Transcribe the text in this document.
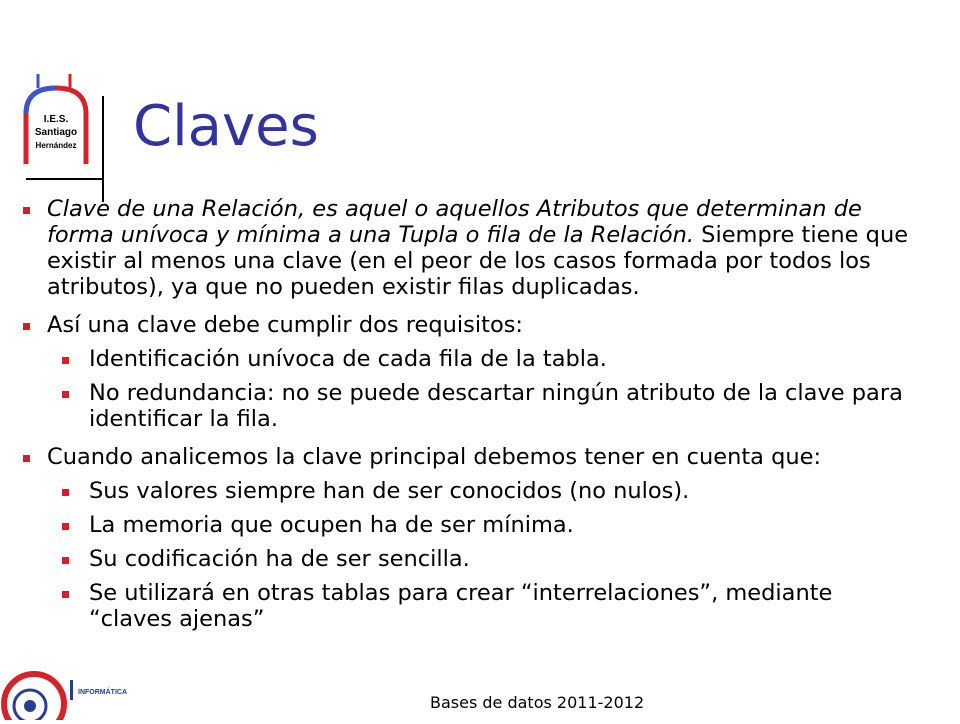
I.E.S.
Santiago
Hernández Claves
Clave de una Relación, es aquel o aquellos Atributos que determinan de forma unívoca y mínima a una Tupla o fila de la Relación. Siempre tiene que existir al menos una clave (en el peor de los casos formada por todos los atributos), ya que no pueden existir filas duplicadas.
Así una clave debe cumplir dos requisitos:
Identificación unívoca de cada fila de la tabla.
No redundancia: no se puede descartar ningún atributo de la clave para identificar la fila.
Cuando analicemos la clave principal debemos tener en cuenta que:
Sus valores siempre han de ser conocidos (no nulos).
La memoria que ocupen ha de ser mínima.
Su codificación ha de ser sencilla.
Se utilizará en otras tablas para crear “interrelaciones”, mediante “claves ajenas”
INFORMÁTICA
Bases de datos 2011-2012
